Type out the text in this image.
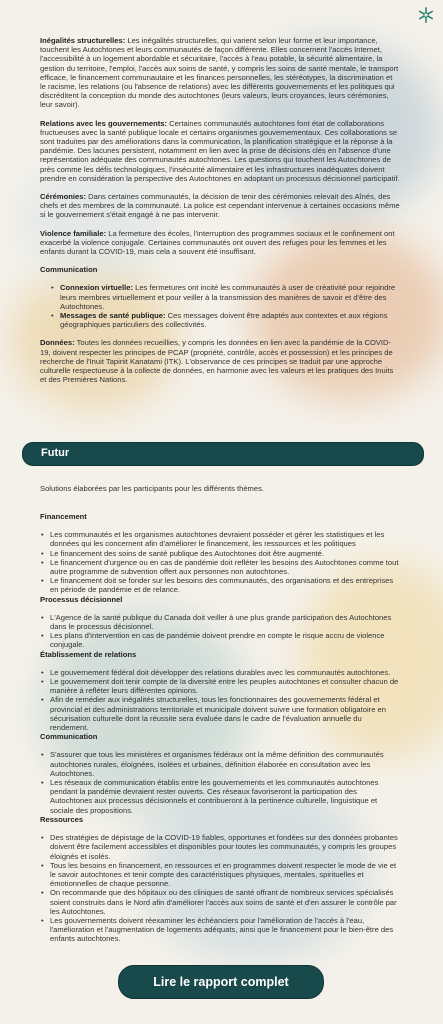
Inégalités structurelles: Les inégalités structurelles, qui varient selon leur forme et leur importance, touchent les Autochtones et leurs communautés de façon différente. Elles concernent l'accès Internet, l'accessibilité à un logement abordable et sécuritaire, l'accès à l'eau potable, la sécurité alimentaire, la gestion du territoire, l'emploi, l'accès aux soins de santé, y compris les soins de santé mentale, le transport efficace, le financement communautaire et les finances personnelles, les stéréotypes, la discrimination et le racisme, les relations (ou l'absence de relations) avec les différents gouvernements et les politiques qui discréditent la conception du monde des autochtones (leurs valeurs, leurs croyances, leurs cérémonies, leur savoir).

Relations avec les gouvernements: Certaines communautés autochtones font état de collaborations fructueuses avec la santé publique locale et certains organismes gouvernementaux. Ces collaborations se sont traduites par des améliorations dans la communication, la planification stratégique et la réponse à la pandémie. Des lacunes persistent, notamment en lien avec la prise de décisions clés en l'absence d'une représentation adéquate des communautés autochtones. Les questions qui touchent les Autochtones de près comme les défis technologiques, l'insécurité alimentaire et les infrastructures inadéquates doivent prendre en considération la perspective des Autochtones en adoptant un processus décisionnel participatif.

Cérémonies: Dans certaines communautés, la décision de tenir des cérémonies relevait des Aînés, des chefs et des membres de la communauté. La police est cependant intervenue à certaines occasions même si le gouvernement s'était engagé à ne pas intervenir.

Violence familiale: La fermeture des écoles, l'interruption des programmes sociaux et le confinement ont exacerbé la violence conjugale. Certaines communautés ont ouvert des refuges pour les femmes et les enfants durant la COVID-19, mais cela a souvent été insuffisant.

Communication

• Connexion virtuelle: Les fermetures ont incité les communautés à user de créativité pour rejoindre leurs membres virtuellement et pour veiller à la transmission des manières de savoir et d'être des Autochtones.
• Messages de santé publique: Ces messages doivent être adaptés aux contextes et aux régions géographiques particuliers des collectivités.

Données: Toutes les données recueillies, y compris les données en lien avec la pandémie de la COVID-19, doivent respecter les principes de PCAP (propriété, contrôle, accès et possession) et les principes de recherche de l'Inuit Tapiriit Kanatami (ITK). L'observance de ces principes se traduit par une approche culturelle respectueuse à la collecte de données, en harmonie avec les valeurs et les pratiques des Inuits et des Premières Nations.

Futur
Solutions élaborées par les participants pour les différents thèmes.

Financement

• Les communautés et les organismes autochtones devraient posséder et gérer les statistiques et les données qui les concernent afin d'améliorer le financement, les ressources et les politiques
• Le financement des soins de santé publique des Autochtones doit être augmenté.
• Le financement d'urgence ou en cas de pandémie doit refléter les besoins des Autochtones comme tout autre programme de subvention offert aux personnes non autochtones.
• Le financement doit se fonder sur les besoins des communautés, des organisations et des entreprises en période de pandémie et de relance.

Processus décisionnel

• L'Agence de la santé publique du Canada doit veiller à une plus grande participation des Autochtones dans le processus décisionnel.
• Les plans d'intervention en cas de pandémie doivent prendre en compte le risque accru de violence conjugale.

Établissement de relations

• Le gouvernement fédéral doit développer des relations durables avec les communautés autochtones.
• Le gouvernement doit tenir compte de la diversité entre les peuples autochtones et consulter chacun de manière à refléter leurs différentes opinions.
• Afin de remédier aux inégalités structurelles, tous les fonctionnaires des gouvernements fédéral et provincial et des administrations territoriale et municipale doivent suivre une formation obligatoire en sécurisation culturelle dont la réussite sera évaluée dans le cadre de l'évaluation annuelle du rendement.

Communication

• S'assurer que tous les ministères et organismes fédéraux ont la même définition des communautés autochtones rurales, éloignées, isolées et urbaines, définition élaborée en consultation avec les Autochtones.
• Les réseaux de communication établis entre les gouvernements et les communautés autochtones pendant la pandémie devraient rester ouverts. Ces réseaux favoriseront la participation des Autochtones aux processus décisionnels et contribueront à la pertinence culturelle, linguistique et sociale des propositions.

Ressources

• Des stratégies de dépistage de la COVID-19 fiables, opportunes et fondées sur des données probantes doivent être facilement accessibles et disponibles pour toutes les communautés, y compris les groupes éloignés et isolés.
• Tous les besoins en financement, en ressources et en programmes doivent respecter le mode de vie et le savoir autochtones et tenir compte des caractéristiques physiques, mentales, spirituelles et émotionnelles de chaque personne.
• On recommande que des hôpitaux ou des cliniques de santé offrant de nombreux services spécialisés soient construits dans le Nord afin d'améliorer l'accès aux soins de santé et d'en assurer le contrôle par les Autochtones.
• Les gouvernements doivent réexaminer les échéanciers pour l'amélioration de l'accès à l'eau, l'amélioration et l'augmentation de logements adéquats, ainsi que le financement pour le bien-être des enfants autochtones.
Lire le rapport complet
